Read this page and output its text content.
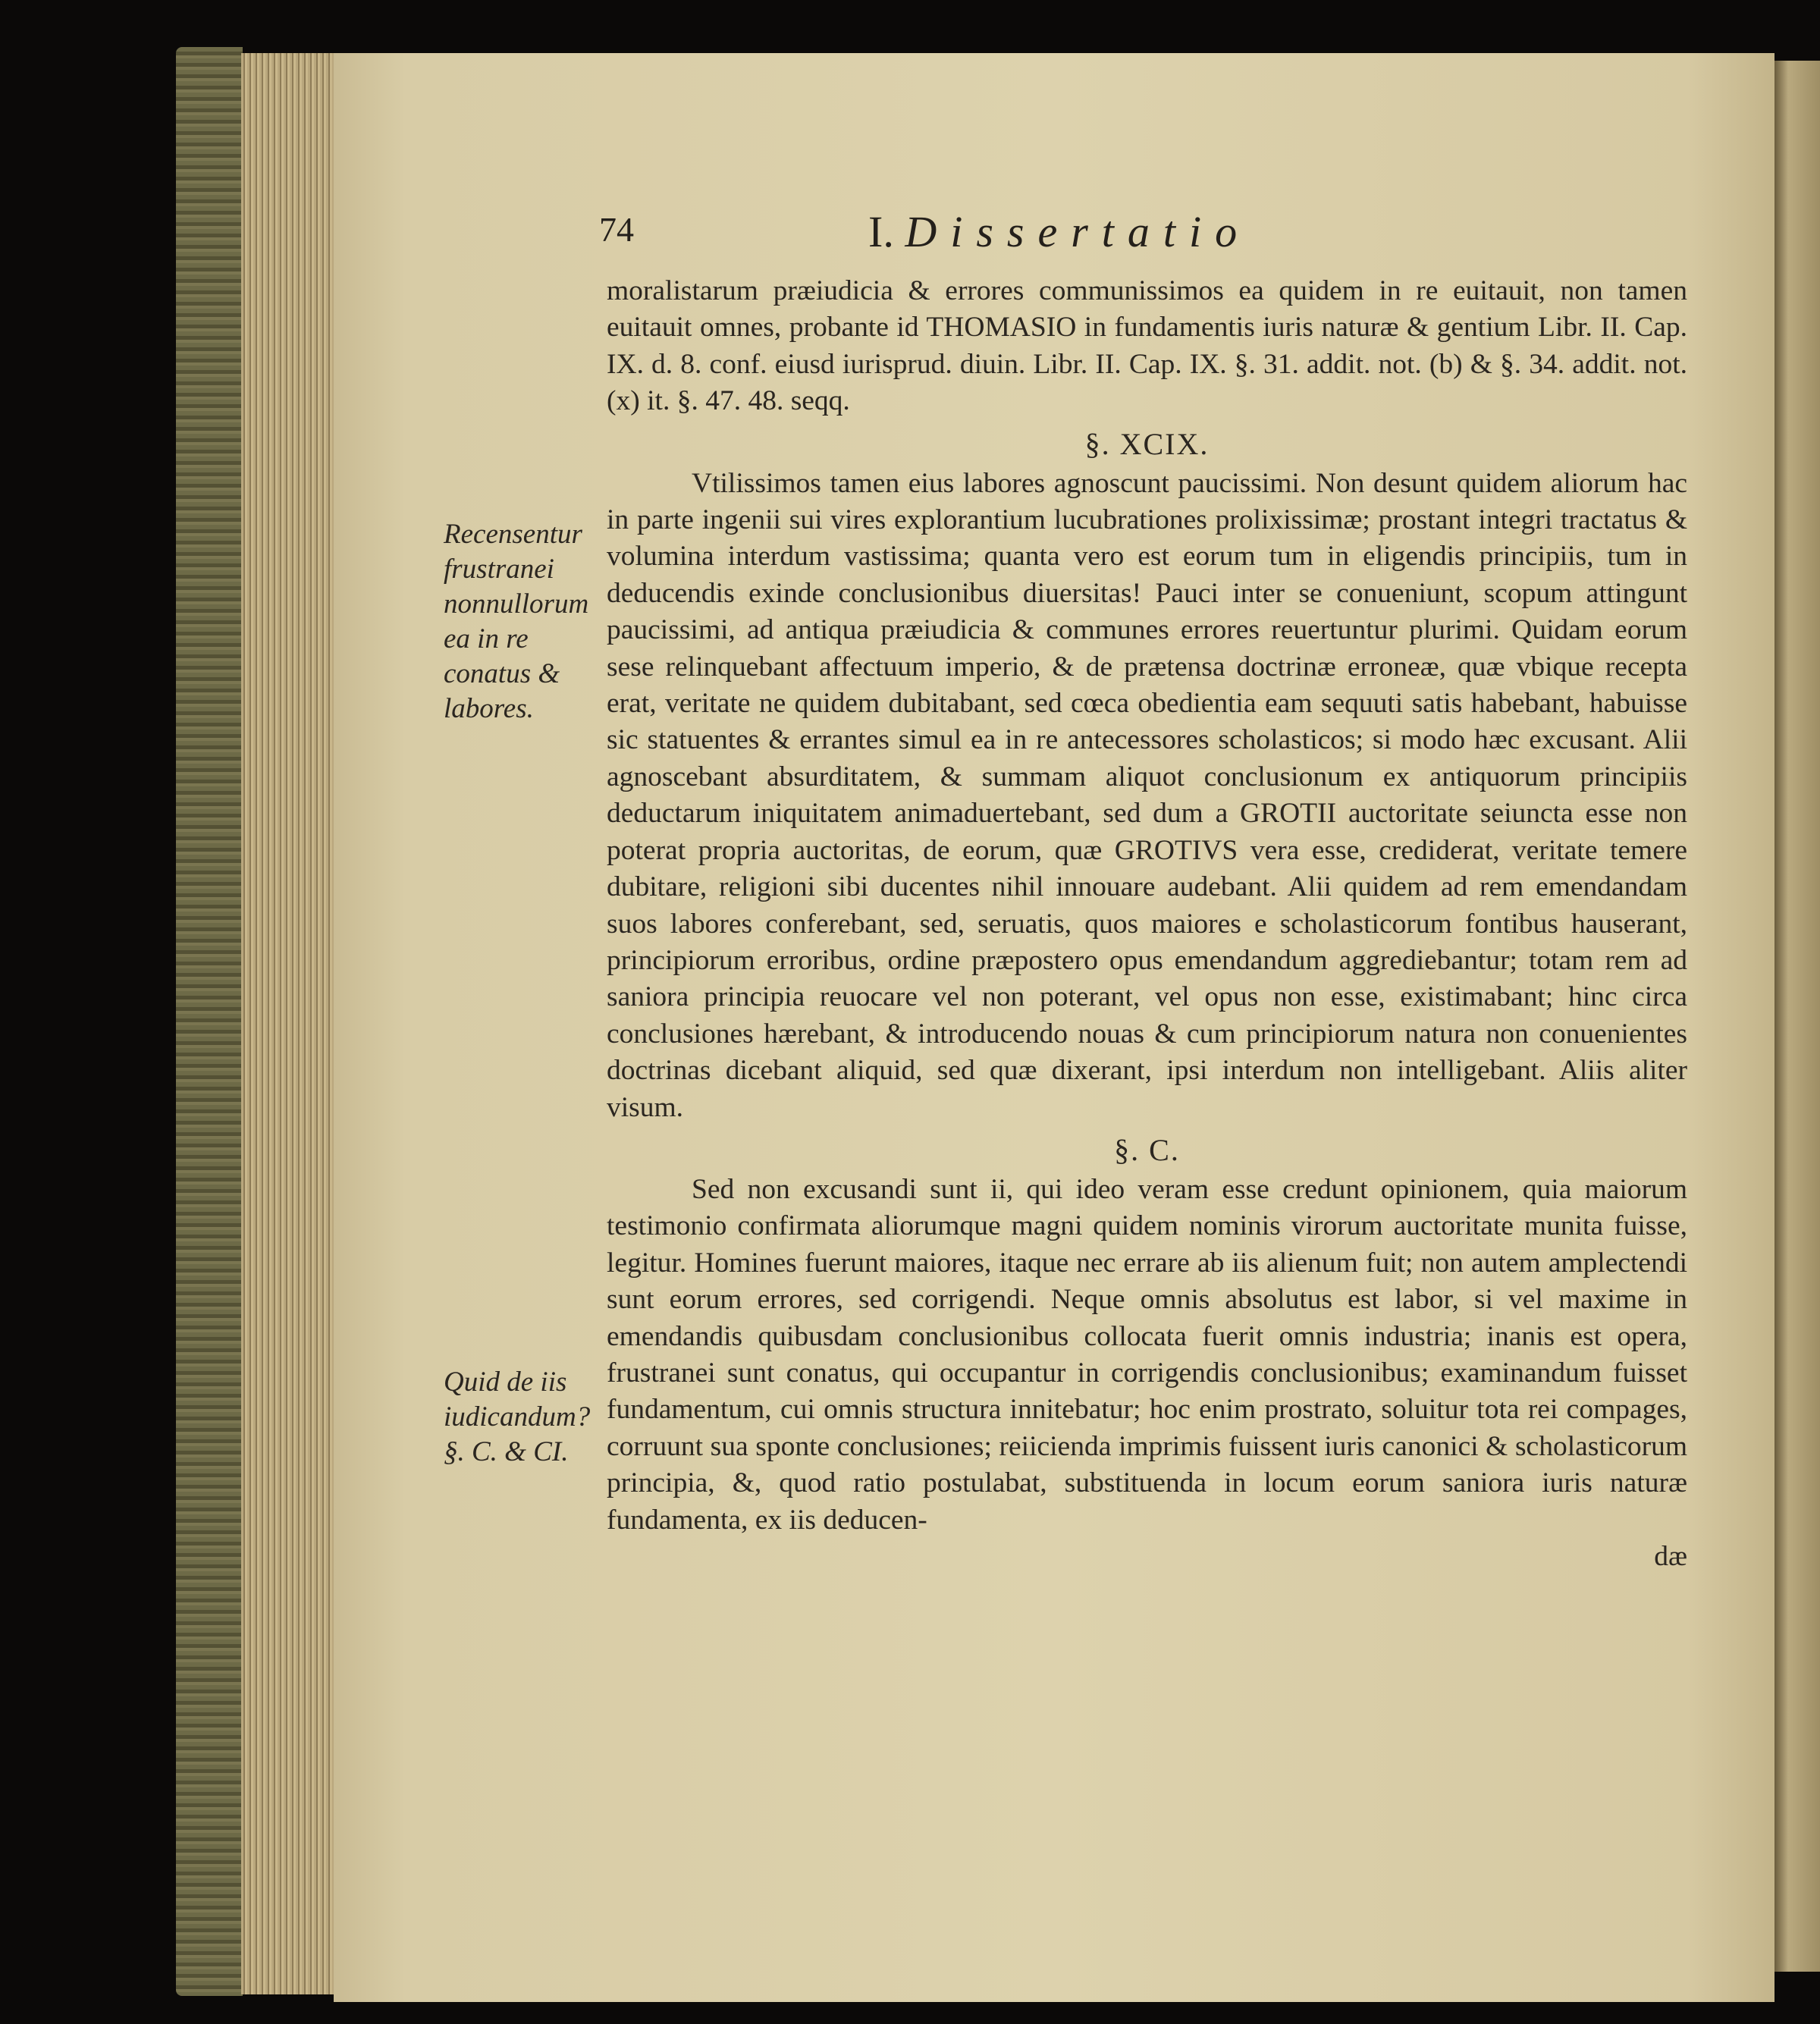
74	I. Dissertatio
Recensentur frustranei nonnullorum ea in re conatus & labores.
Quid de iis iudicandum? §. C. & CI.

moralistarum præiudicia & errores communissimos ea quidem in re euitauit, non tamen euitauit omnes, probante id THOMASIO in fundamentis iuris naturæ & gentium Libr. II. Cap. IX. d. 8. conf. eiusd iurisprud. diuin. Libr. II. Cap. IX. §. 31. addit. not. (b) & §. 34. addit. not. (x) it. §. 47. 48. seqq.

§. XCIX.

Vtilissimos tamen eius labores agnoscunt paucissimi. Non desunt quidem aliorum hac in parte ingenii sui vires explorantium lucubrationes prolixissimæ; prostant integri tractatus & volumina interdum vastissima; quanta vero est eorum tum in eligendis principiis, tum in deducendis exinde conclusionibus diuersitas! Pauci inter se conueniunt, scopum attingunt paucissimi, ad antiqua præiudicia & communes errores reuertuntur plurimi. Quidam eorum sese relinquebant affectuum imperio, & de prætensa doctrinæ erroneæ, quæ vbique recepta erat, veritate ne quidem dubitabant, sed cœca obedientia eam sequuti satis habebant, habuisse sic statuentes & errantes simul ea in re antecessores scholasticos; si modo hæc excusant. Alii agnoscebant absurditatem, & summam aliquot conclusionum ex antiquorum principiis deductarum iniquitatem animaduertebant, sed dum a GROTII auctoritate seiuncta esse non poterat propria auctoritas, de eorum, quæ GROTIVS vera esse, crediderat, veritate temere dubitare, religioni sibi ducentes nihil innouare audebant. Alii quidem ad rem emendandam suos labores conferebant, sed, seruatis, quos maiores e scholasticorum fontibus hauserant, principiorum erroribus, ordine præpostero opus emendandum aggrediebantur; totam rem ad saniora principia reuocare vel non poterant, vel opus non esse, existimabant; hinc circa conclusiones hærebant, & introducendo nouas & cum principiorum natura non conuenientes doctrinas dicebant aliquid, sed quæ dixerant, ipsi interdum non intelligebant. Aliis aliter visum.

§. C.

Sed non excusandi sunt ii, qui ideo veram esse credunt opinionem, quia maiorum testimonio confirmata aliorumque magni quidem nominis virorum auctoritate munita fuisse, legitur. Homines fuerunt maiores, itaque nec errare ab iis alienum fuit; non autem amplectendi sunt eorum errores, sed corrigendi. Neque omnis absolutus est labor, si vel maxime in emendandis quibusdam conclusionibus collocata fuerit omnis industria; inanis est opera, frustranei sunt conatus, qui occupantur in corrigendis conclusionibus; examinandum fuisset fundamentum, cui omnis structura innitebatur; hoc enim prostrato, soluitur tota rei compages, corruunt sua sponte conclusiones; reiicienda imprimis fuissent iuris canonici & scholasticorum principia, &, quod ratio postulabat, substituenda in locum eorum saniora iuris naturæ fundamenta, ex iis deducen-

dæ
